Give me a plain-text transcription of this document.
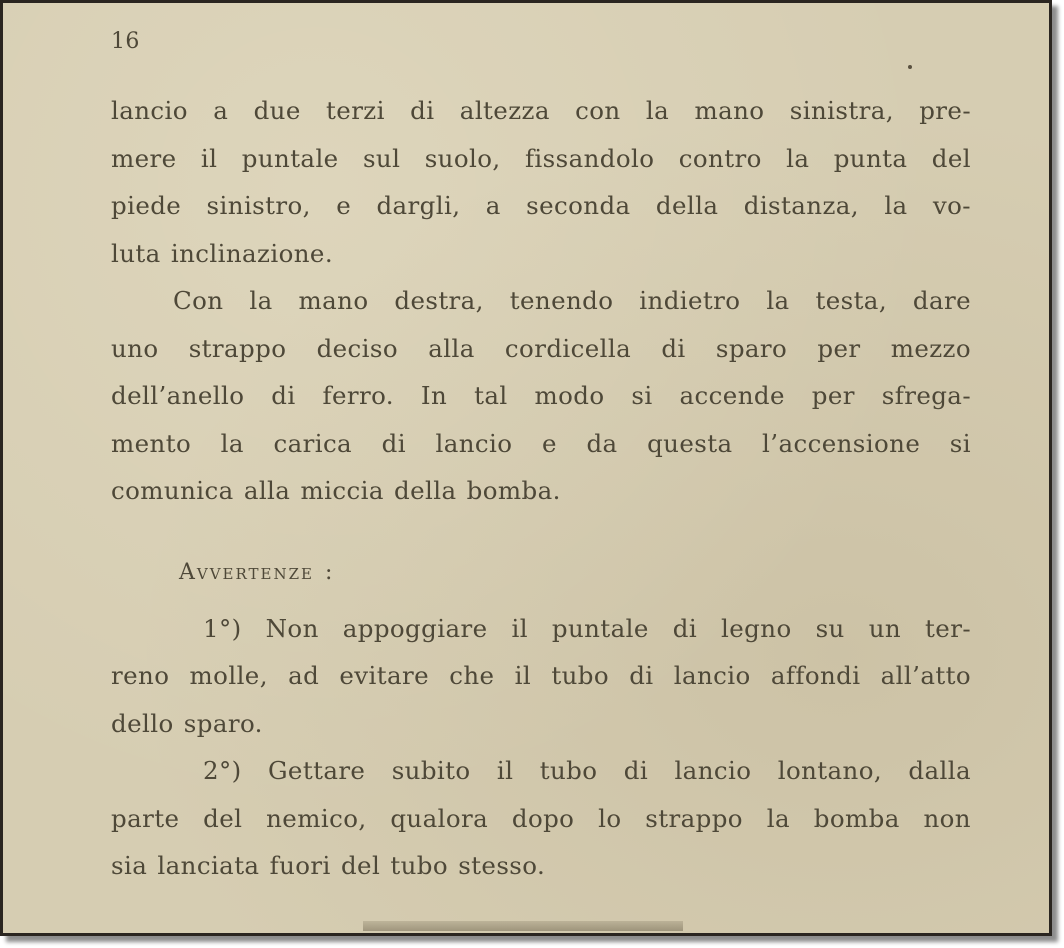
16

lancio a due terzi di altezza con la mano sinistra, pre-
mere il puntale sul suolo, fissandolo contro la punta del
piede sinistro, e dargli, a seconda della distanza, la vo-
luta inclinazione.

Con la mano destra, tenendo indietro la testa, dare
uno strappo deciso alla cordicella di sparo per mezzo
dell’anello di ferro. In tal modo si accende per sfrega-
mento la carica di lancio e da questa l’accensione si
comunica alla miccia della bomba.

Avvertenze :

1°) Non appoggiare il puntale di legno su un ter-
reno molle, ad evitare che il tubo di lancio affondi all’atto
dello sparo.

2°) Gettare subito il tubo di lancio lontano, dalla
parte del nemico, qualora dopo lo strappo la bomba non
sia lanciata fuori del tubo stesso.
